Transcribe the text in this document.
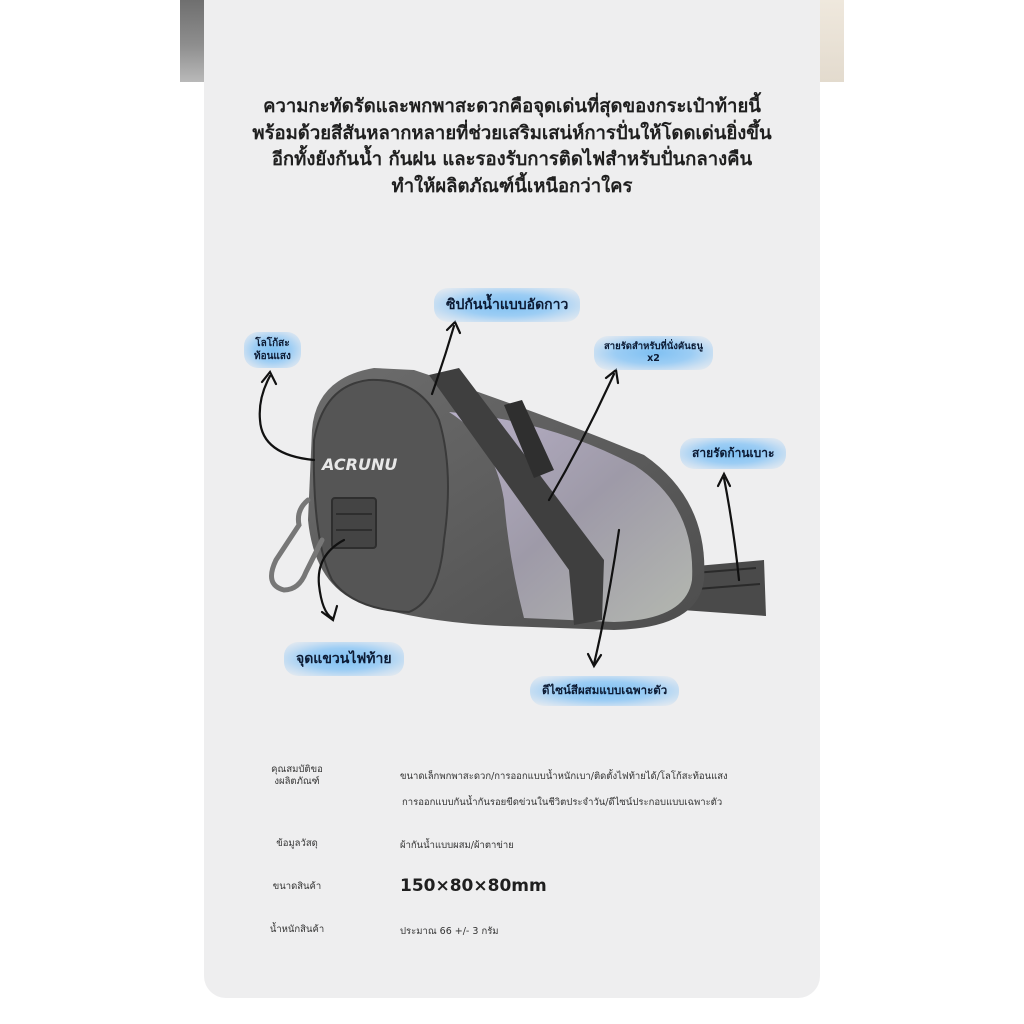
ความกะทัดรัดและพกพาสะดวกคือจุดเด่นที่สุดของกระเป๋าท้ายนี้
พร้อมด้วยสีสันหลากหลายที่ช่วยเสริมเสน่ห์การปั่นให้โดดเด่นยิ่งขึ้น
อีกทั้งยังกันน้ำ กันฝน และรองรับการติดไฟสำหรับปั่นกลางคืน
ทำให้ผลิตภัณฑ์นี้เหนือกว่าใคร

ACRUNU
ซิปกันน้ำแบบอัดกาว
โลโก้สะ
ท้อนแสง
สายรัดสำหรับที่นั่งคันธนู
x2
สายรัดก้านเบาะ
จุดแขวนไฟท้าย
ดีไซน์สีผสมแบบเฉพาะตัว
คุณสมบัติขอ
งผลิตภัณฑ์	ขนาดเล็กพกพาสะดวก/การออกแบบน้ำหนักเบา/ติดตั้งไฟท้ายได้/โลโก้สะท้อนแสง
การออกแบบกันน้ำกันรอยขีดข่วนในชีวิตประจำวัน/ดีไซน์ประกอบแบบเฉพาะตัว
ข้อมูลวัสดุ	ผ้ากันน้ำแบบผสม/ผ้าตาข่าย
ขนาดสินค้า	150×80×80mm
น้ำหนักสินค้า	ประมาณ 66 +/- 3 กรัม
